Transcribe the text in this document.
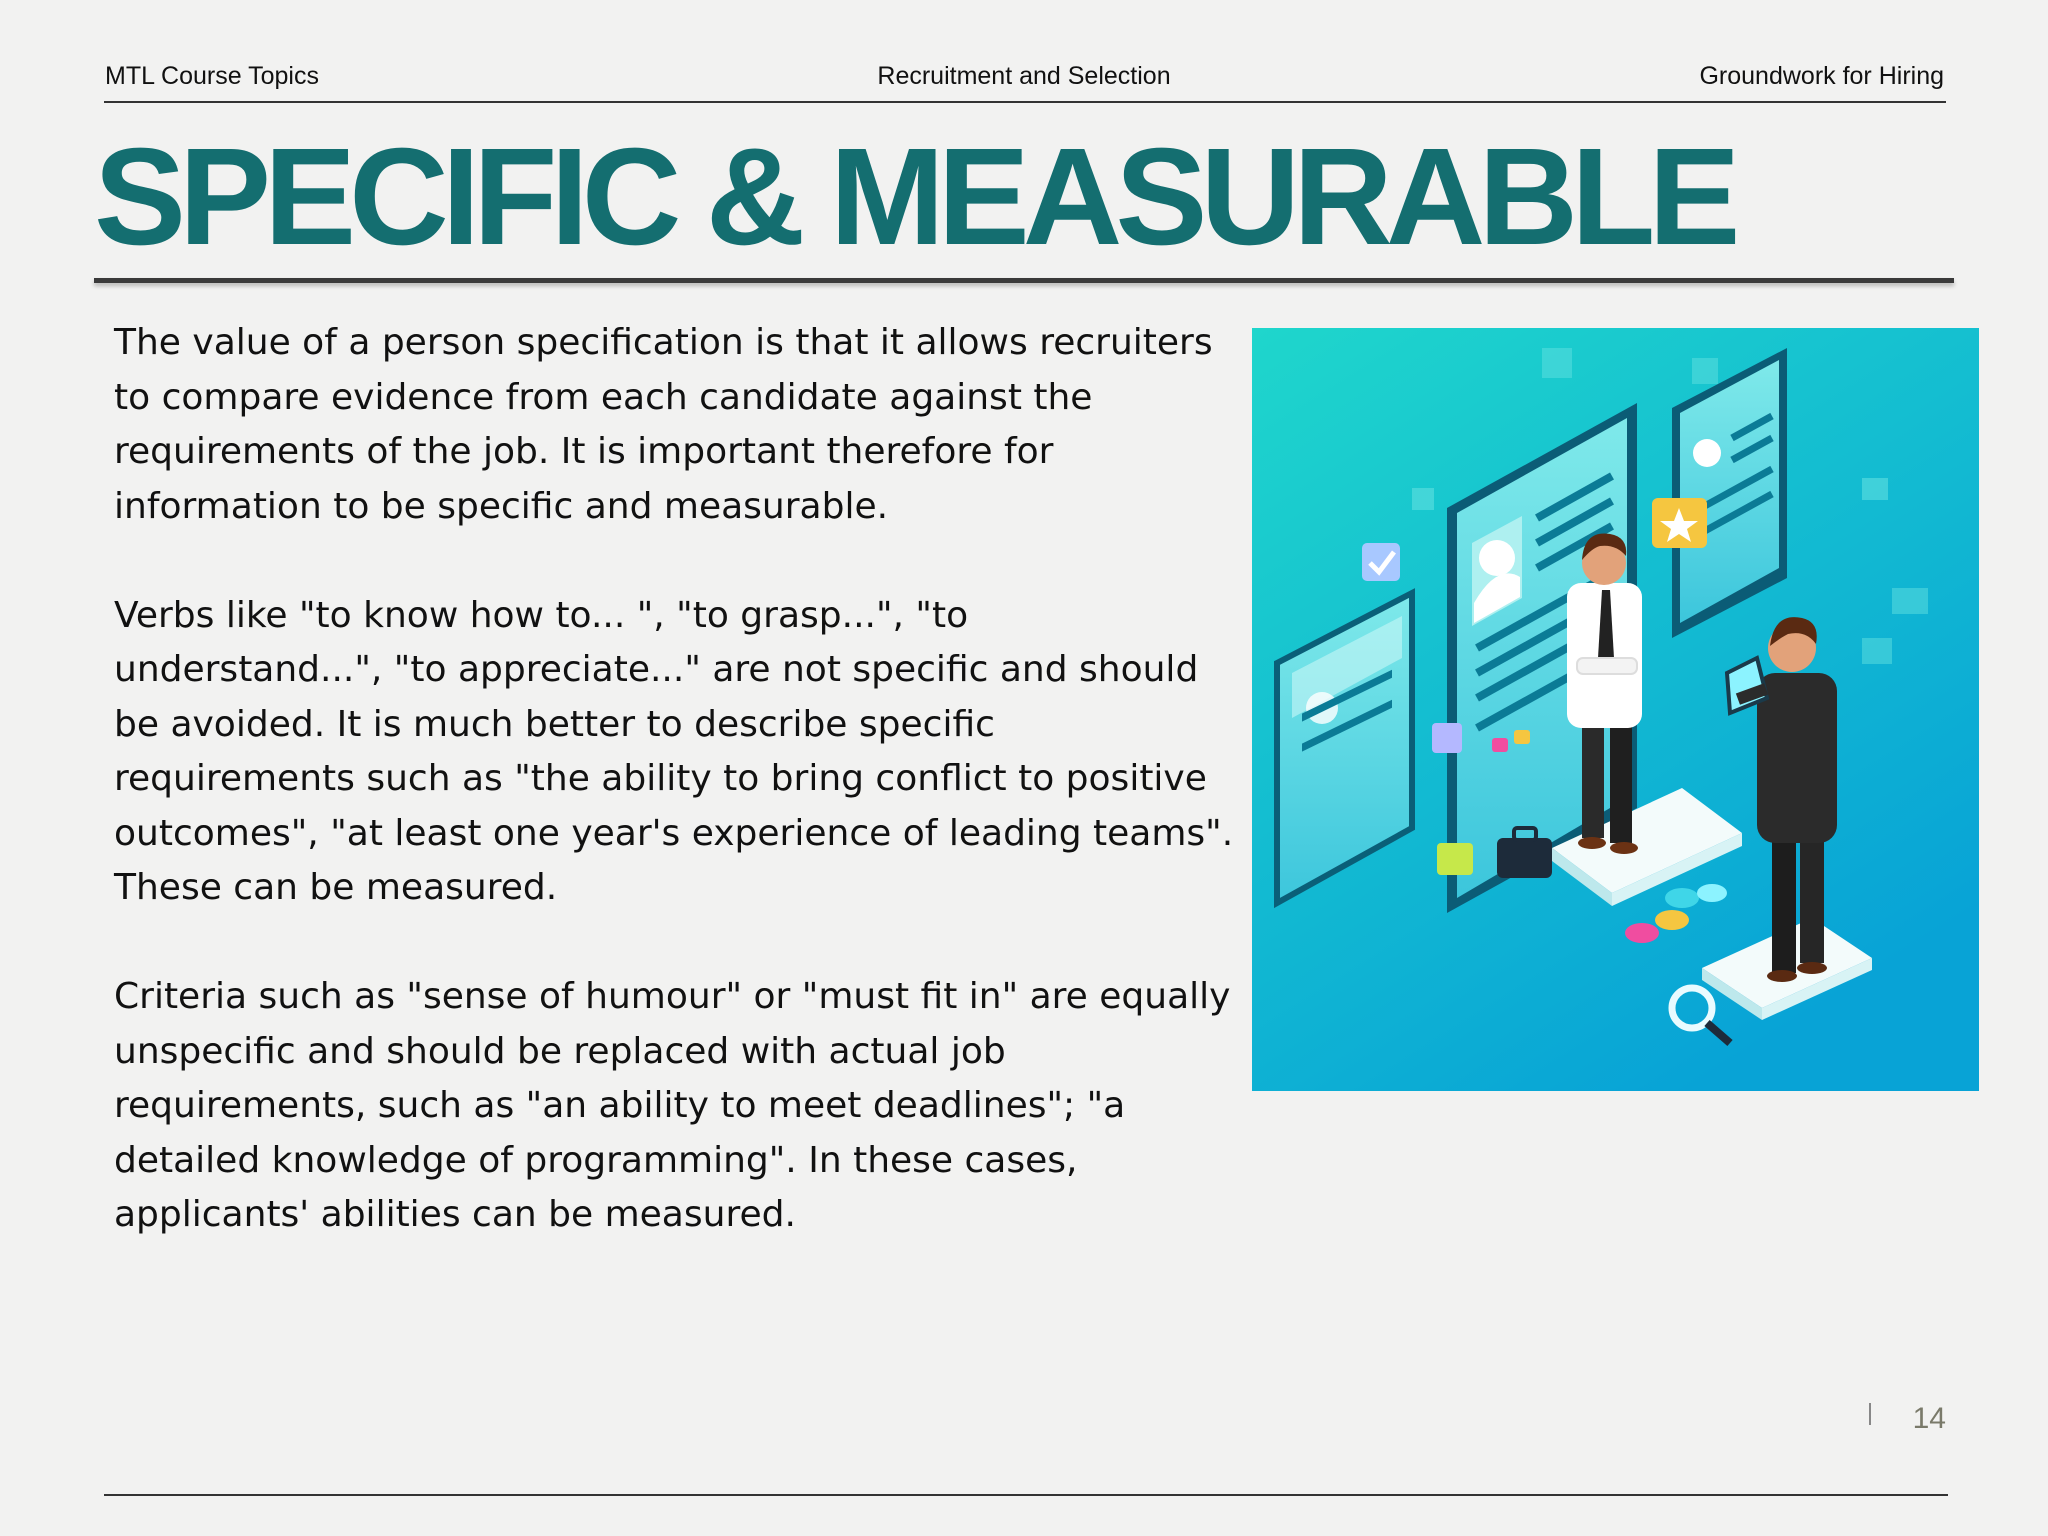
MTL Course Topics	Recruitment and Selection	Groundwork for Hiring
SPECIFIC & MEASURABLE

The value of a person specification is that it allows recruiters to compare evidence from each candidate against the requirements of the job. It is important therefore for information to be specific and measurable.

Verbs like "to know how to... ", "to grasp...", "to understand...", "to appreciate..." are not specific and should be avoided. It is much better to describe specific requirements such as "the ability to bring conflict to positive outcomes", "at least one year's experience of leading teams". These can be measured.

Criteria such as "sense of humour" or "must fit in" are equally unspecific and should be replaced with actual job requirements, such as "an ability to meet deadlines"; "a detailed knowledge of programming". In these cases, applicants' abilities can be measured.

14
